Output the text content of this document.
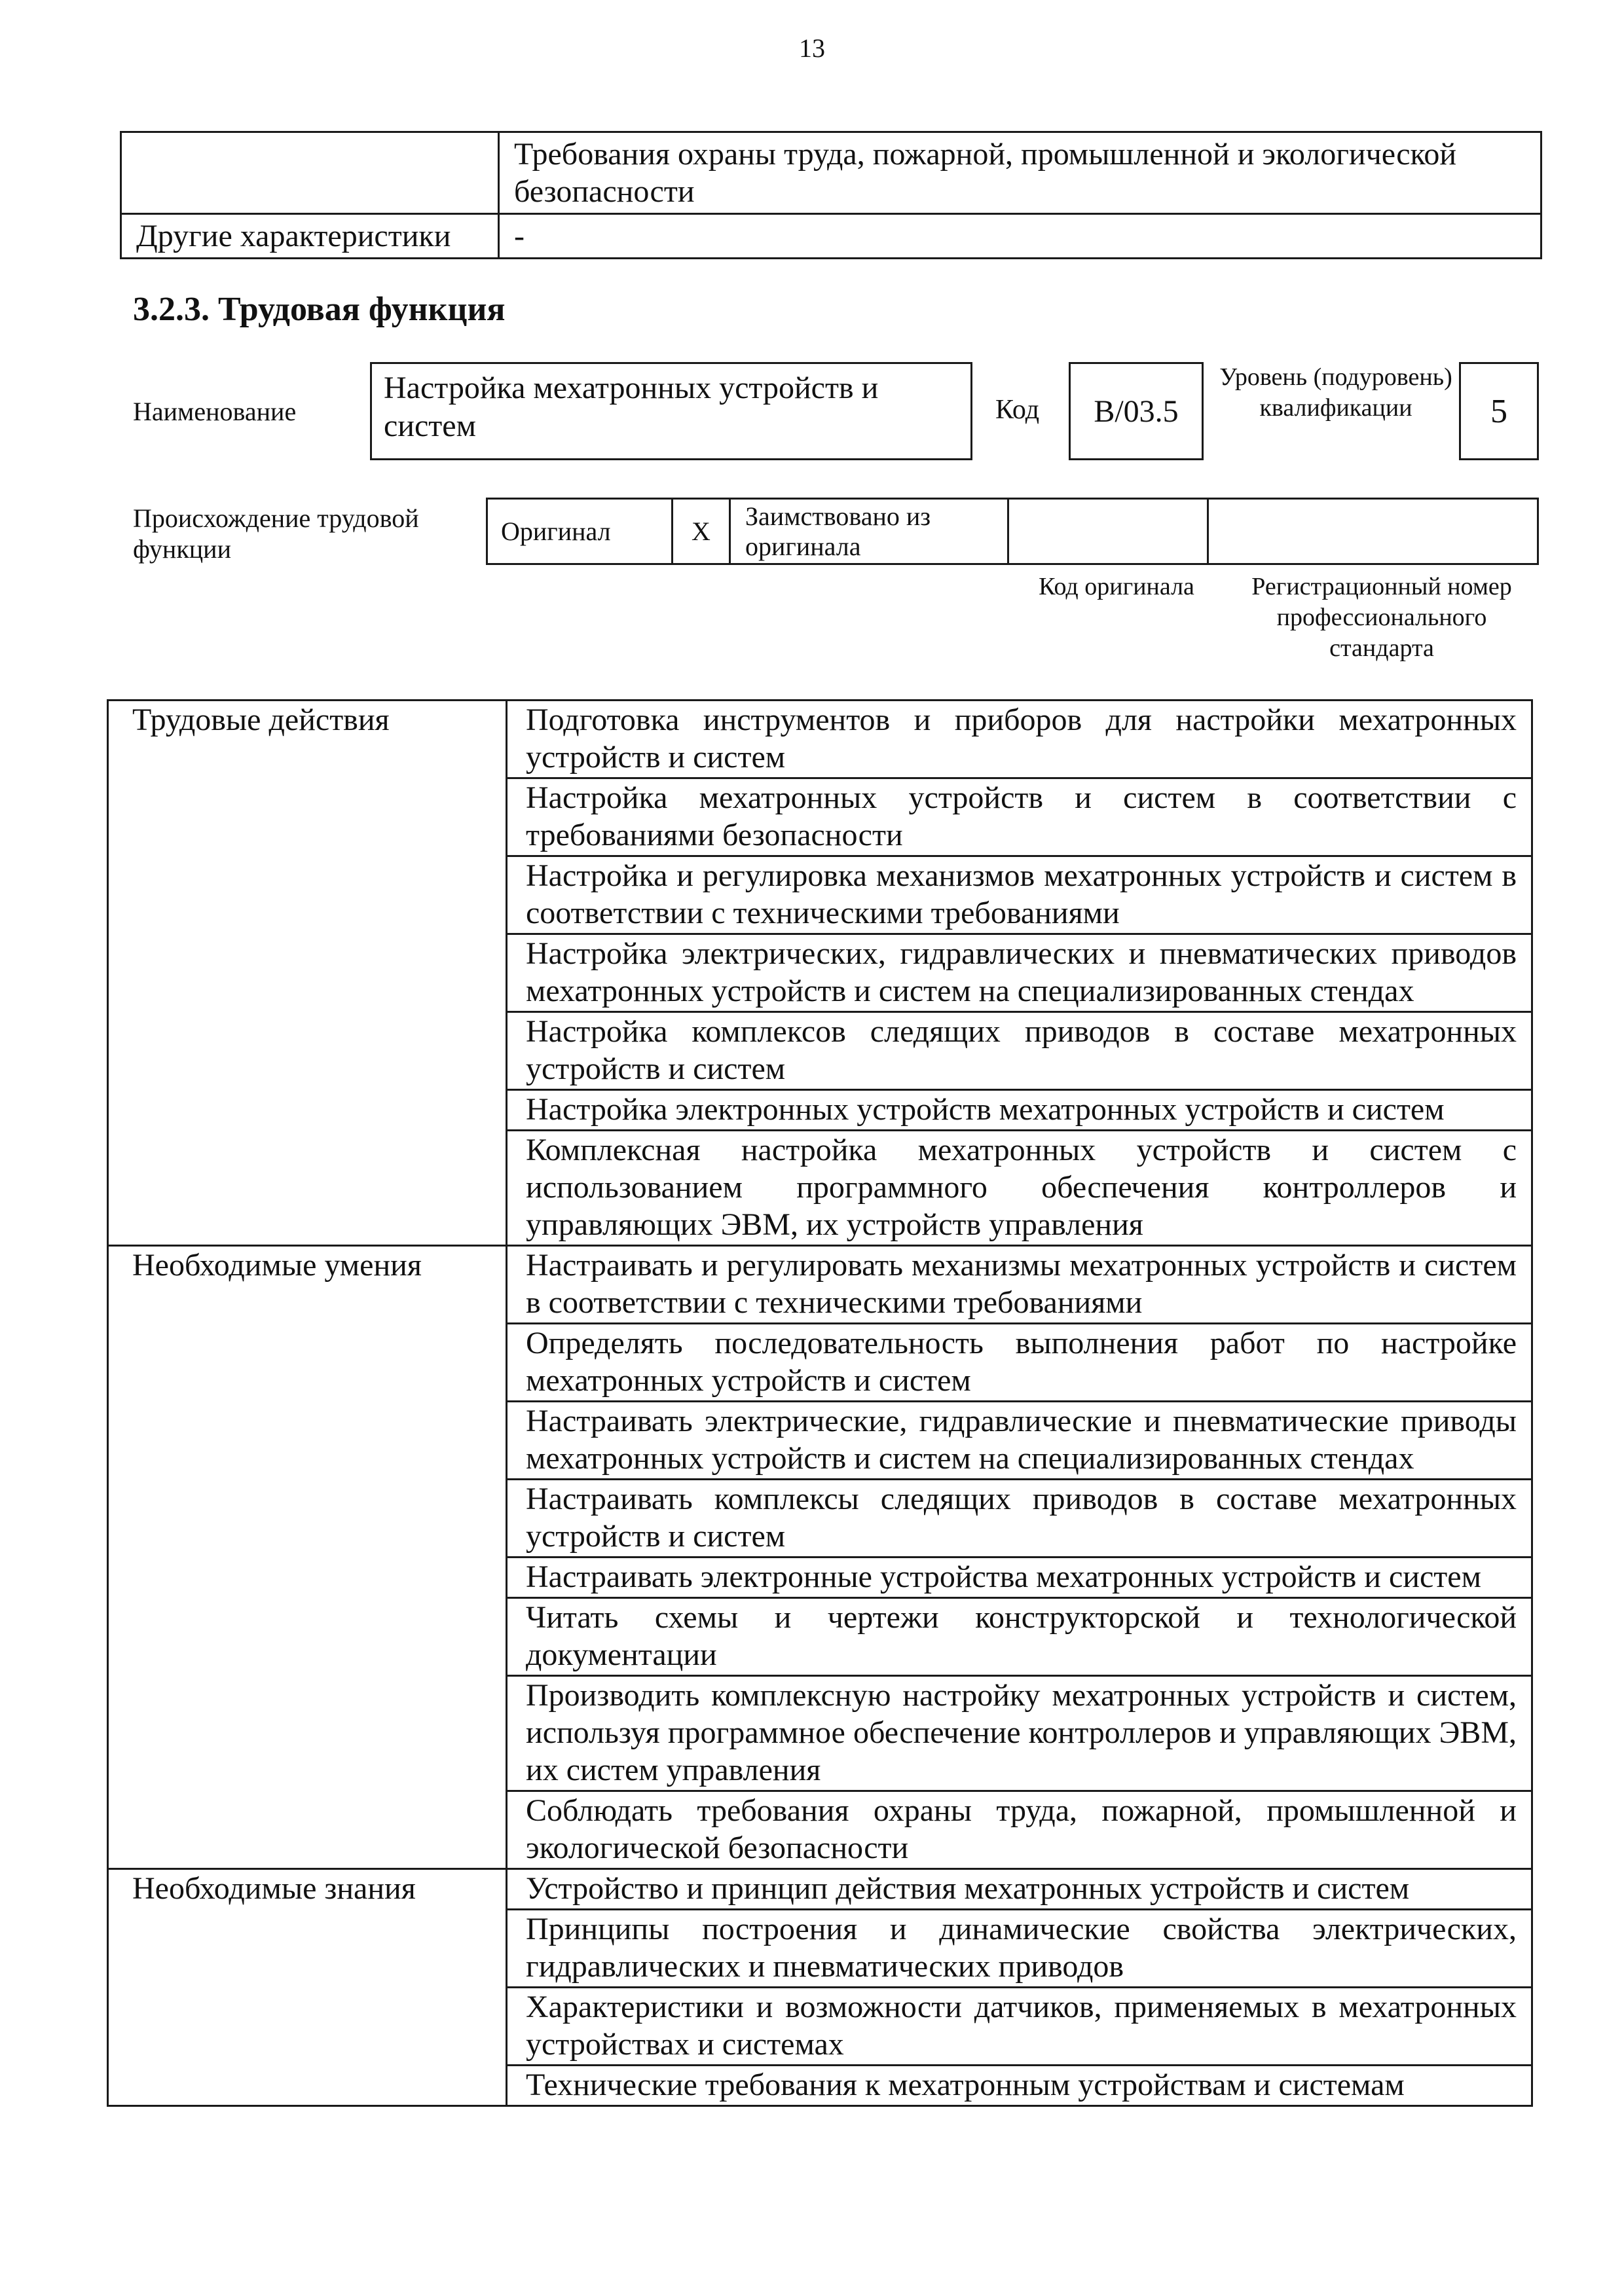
13
	Требования охраны труда, пожарной, промышленной и экологической безопасности
Другие характеристики	-
3.2.3. Трудовая функция
Наименование
Настройка мехатронных устройств и систем	Код	B/03.5
Уровень (подуровень) квалификации	5
Происхождение трудовой функции
Оригинал	X	Заимствовано из оригинала		
Код оригинала	Регистрационный номер профессионального стандарта
Трудовые действия	Подготовка инструментов и приборов для настройки мехатронных устройств и систем
	Настройка мехатронных устройств и систем в соответствии с требованиями безопасности
	Настройка и регулировка механизмов мехатронных устройств и систем в соответствии с техническими требованиями
	Настройка электрических, гидравлических и пневматических приводов мехатронных устройств и систем на специализированных стендах
	Настройка комплексов следящих приводов в составе мехатронных устройств и систем
	Настройка электронных устройств мехатронных устройств и систем
	Комплексная настройка мехатронных устройств и систем с использованием программного обеспечения контроллеров и управляющих ЭВМ, их устройств управления
Необходимые умения	Настраивать и регулировать механизмы мехатронных устройств и систем в соответствии с техническими требованиями
	Определять последовательность выполнения работ по настройке мехатронных устройств и систем
	Настраивать электрические, гидравлические и пневматические приводы мехатронных устройств и систем на специализированных стендах
	Настраивать комплексы следящих приводов в составе мехатронных устройств и систем
	Настраивать электронные устройства мехатронных устройств и систем
	Читать схемы и чертежи конструкторской и технологической документации
	Производить комплексную настройку мехатронных устройств и систем, используя программное обеспечение контроллеров и управляющих ЭВМ, их систем управления
	Соблюдать требования охраны труда, пожарной, промышленной и экологической безопасности
Необходимые знания	Устройство и принцип действия мехатронных устройств и систем
	Принципы построения и динамические свойства электрических, гидравлических и пневматических приводов
	Характеристики и возможности датчиков, применяемых в мехатронных устройствах и системах
	Технические требования к мехатронным устройствам и системам
